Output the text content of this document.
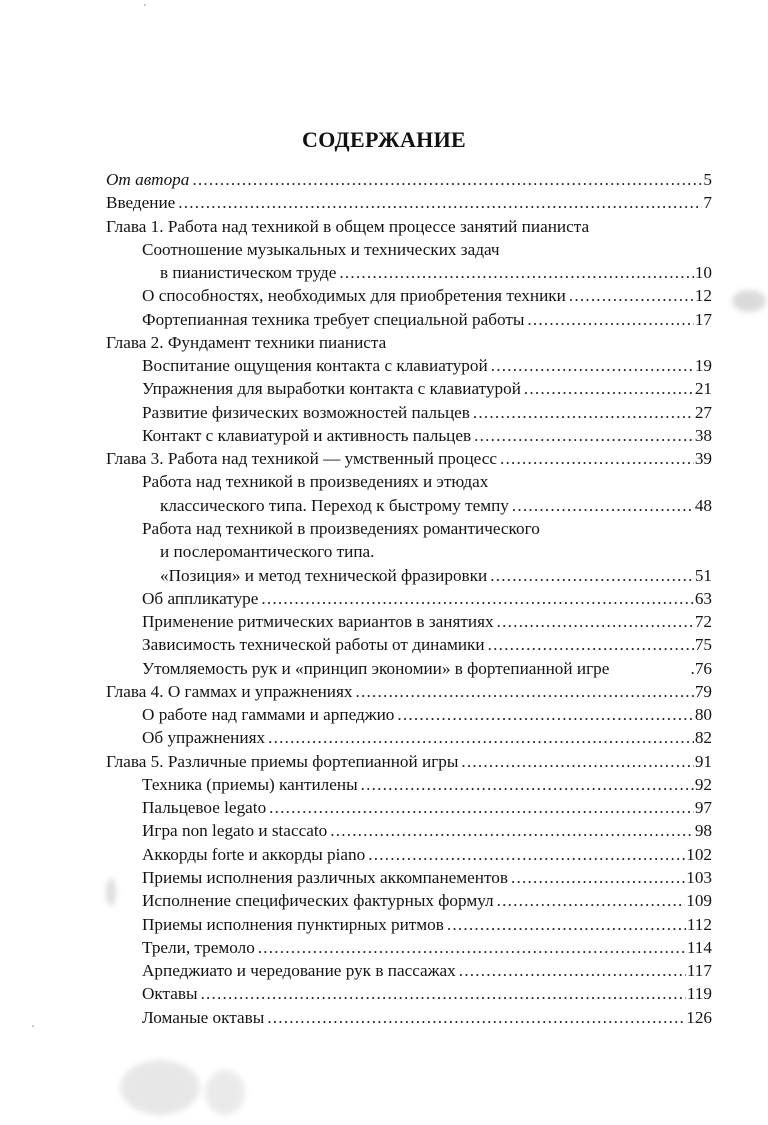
СОДЕРЖАНИЕ
От автора .....	5
Введение .....	7
Глава 1. Работа над техникой в общем процессе занятий пианиста
Соотношение музыкальных и технических задач
в пианистическом труде .....	10
О способностях, необходимых для приобретения техники .....	12
Фортепианная техника требует специальной работы .....	17
Глава 2. Фундамент техники пианиста
Воспитание ощущения контакта с клавиатурой .....	19
Упражнения для выработки контакта с клавиатурой .....	21
Развитие физических возможностей пальцев .....	27
Контакт с клавиатурой и активность пальцев .....	38
Глава 3. Работа над техникой — умственный процесс .....	39
Работа над техникой в произведениях и этюдах
классического типа. Переход к быстрому темпу .....	48
Работа над техникой в произведениях романтического
и послеромантического типа.
«Позиция» и метод технической фразировки .....	51
Об аппликатуре .....	63
Применение ритмических вариантов в занятиях .....	72
Зависимость технической работы от динамики .....	75
Утомляемость рук и «принцип экономии» в фортепианной игре	.76
Глава 4. О гаммах и упражнениях .....	79
О работе над гаммами и арпеджио .....	80
Об упражнениях .....	82
Глава 5. Различные приемы фортепианной игры .....	91
Техника (приемы) кантилены .....	92
Пальцевое legato .....	97
Игра non legato и staccato .....	98
Аккорды forte и аккорды piano .....	102
Приемы исполнения различных аккомпанементов .....	103
Исполнение специфических фактурных формул .....	109
Приемы исполнения пунктирных ритмов .....	112
Трели, тремоло .....	114
Арпеджиато и чередование рук в пассажах .....	117
Октавы .....	119
Ломаные октавы .....	126
